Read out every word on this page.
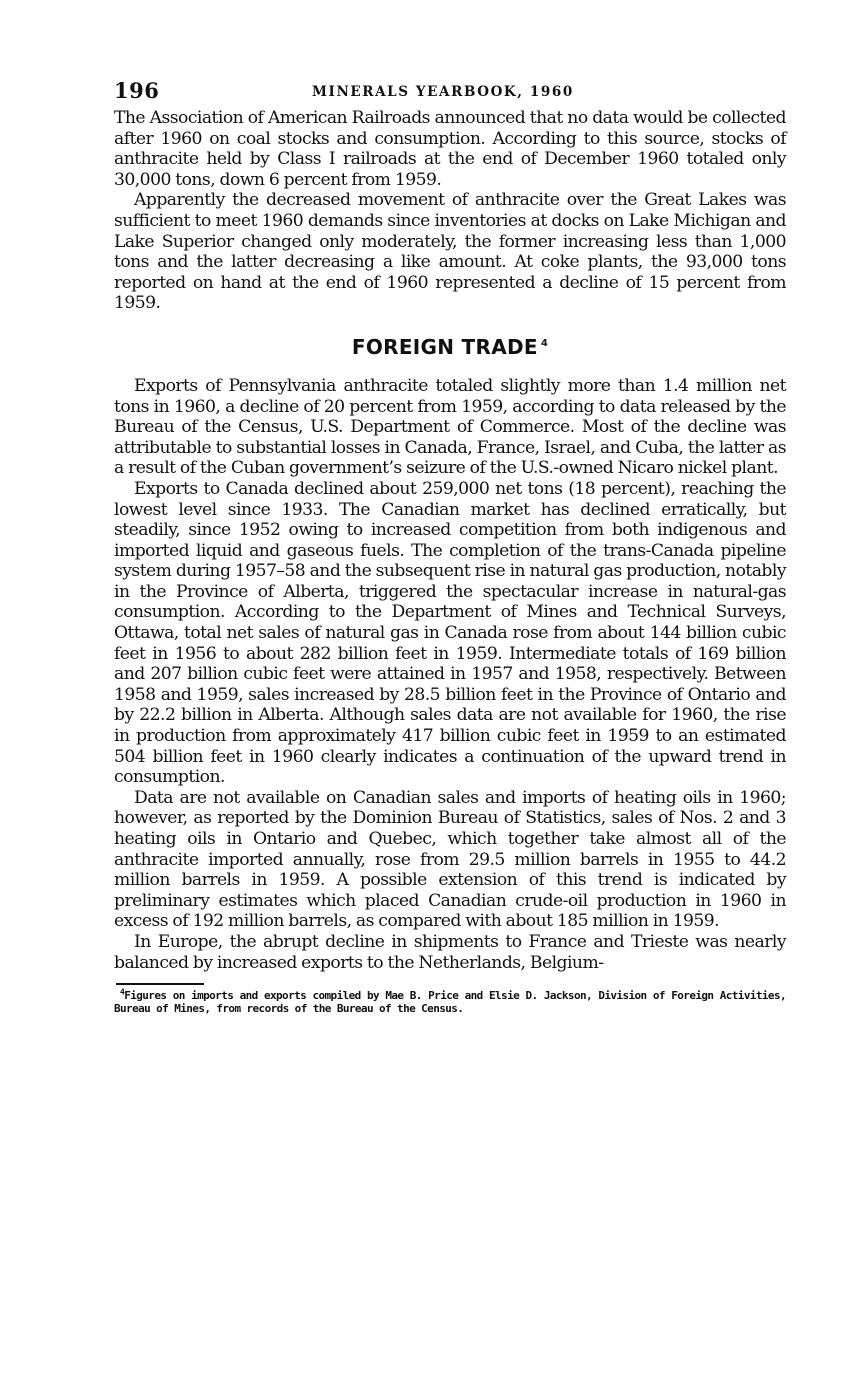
196	MINERALS YEARBOOK, 1960

The Association of American Railroads announced that no data would be collected after 1960 on coal stocks and consumption. According to this source, stocks of anthracite held by Class I railroads at the end of December 1960 totaled only 30,000 tons, down 6 percent from 1959.

Apparently the decreased movement of anthracite over the Great Lakes was sufficient to meet 1960 demands since inventories at docks on Lake Michigan and Lake Superior changed only moderately, the former increasing less than 1,000 tons and the latter decreasing a like amount. At coke plants, the 93,000 tons reported on hand at the end of 1960 represented a decline of 15 percent from 1959.

FOREIGN TRADE $^4$

Exports of Pennsylvania anthracite totaled slightly more than 1.4 million net tons in 1960, a decline of 20 percent from 1959, according to data released by the Bureau of the Census, U.S. Department of Commerce. Most of the decline was attributable to substantial losses in Canada, France, Israel, and Cuba, the latter as a result of the Cuban government’s seizure of the U.S.-owned Nicaro nickel plant.

Exports to Canada declined about 259,000 net tons (18 percent), reaching the lowest level since 1933. The Canadian market has declined erratically, but steadily, since 1952 owing to increased competition from both indigenous and imported liquid and gaseous fuels. The completion of the trans-Canada pipeline system during 1957–58 and the subsequent rise in natural gas production, notably in the Province of Alberta, triggered the spectacular increase in natural-gas consumption. According to the Department of Mines and Technical Surveys, Ottawa, total net sales of natural gas in Canada rose from about 144 billion cubic feet in 1956 to about 282 billion feet in 1959. Intermediate totals of 169 billion and 207 billion cubic feet were attained in 1957 and 1958, respectively. Between 1958 and 1959, sales increased by 28.5 billion feet in the Province of Ontario and by 22.2 billion in Alberta. Although sales data are not available for 1960, the rise in production from approximately 417 billion cubic feet in 1959 to an estimated 504 billion feet in 1960 clearly indicates a continuation of the upward trend in consumption.

Data are not available on Canadian sales and imports of heating oils in 1960; however, as reported by the Dominion Bureau of Statistics, sales of Nos. 2 and 3 heating oils in Ontario and Quebec, which together take almost all of the anthracite imported annually, rose from 29.5 million barrels in 1955 to 44.2 million barrels in 1959. A possible extension of this trend is indicated by preliminary estimates which placed Canadian crude-oil production in 1960 in excess of 192 million barrels, as compared with about 185 million in 1959.

In Europe, the abrupt decline in shipments to France and Trieste was nearly balanced by increased exports to the Netherlands, Belgium-

$^4$Figures on imports and exports compiled by Mae B. Price and Elsie D. Jackson, Division of Foreign Activities, Bureau of Mines, from records of the Bureau of the Census.
